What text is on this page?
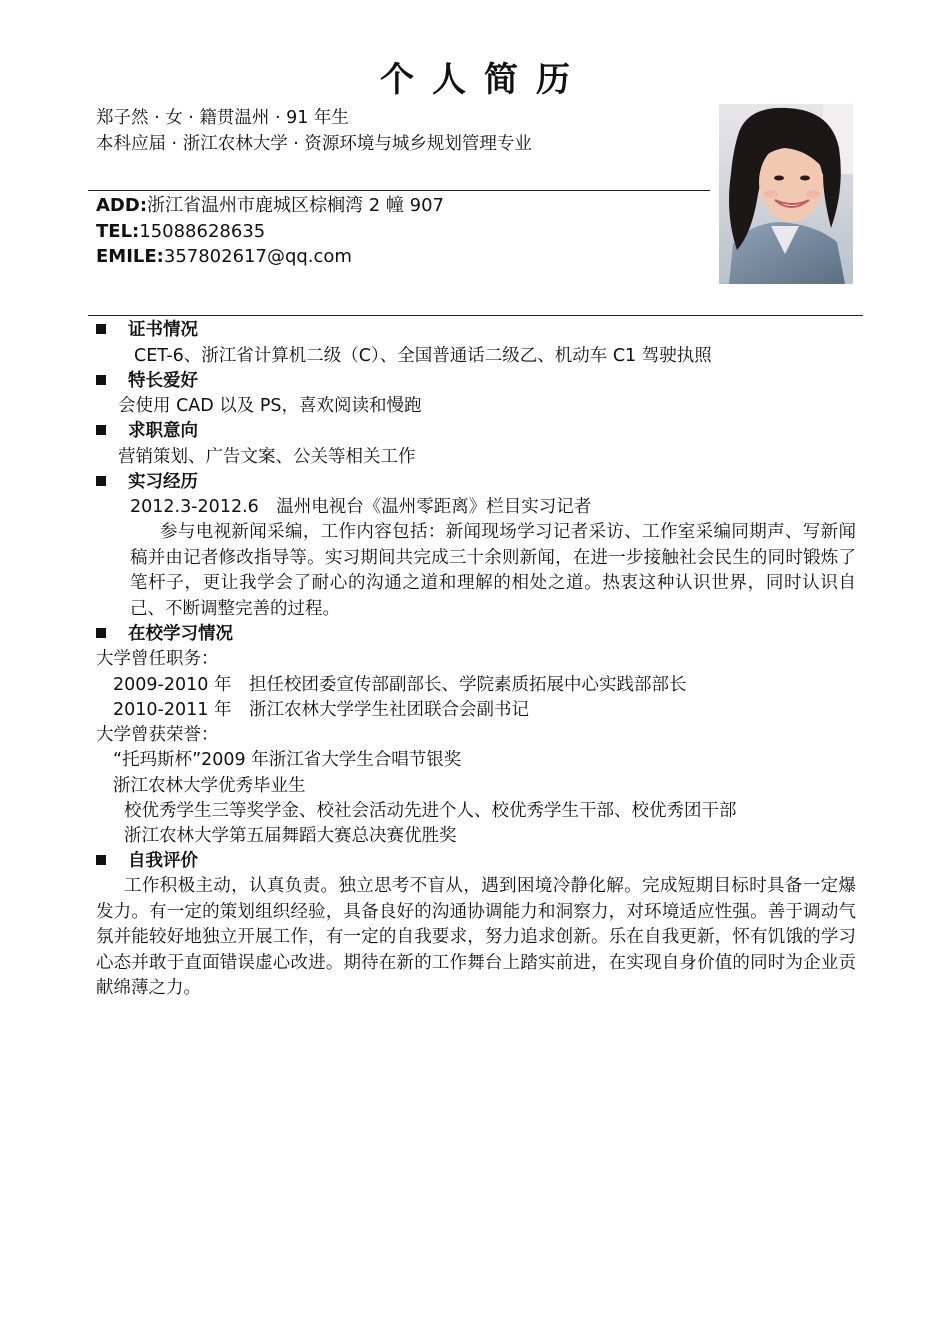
个人简历
郑子然 · 女 · 籍贯温州 · 91 年生
本科应届 · 浙江农林大学 · 资源环境与城乡规划管理专业
ADD:浙江省温州市鹿城区棕榈湾 2 幢 907
TEL:15088628635
EMILE:357802617@qq.com
证书情况
CET-6、浙江省计算机二级（C）、全国普通话二级乙、机动车 C1 驾驶执照
特长爱好
会使用 CAD 以及 PS，喜欢阅读和慢跑
求职意向
营销策划、广告文案、公关等相关工作
实习经历
2012.3-2012.6　温州电视台《温州零距离》栏目实习记者
参与电视新闻采编，工作内容包括：新闻现场学习记者采访、工作室采编同期声、写新闻稿并由记者修改指导等。实习期间共完成三十余则新闻，在进一步接触社会民生的同时锻炼了笔杆子，更让我学会了耐心的沟通之道和理解的相处之道。热衷这种认识世界，同时认识自己、不断调整完善的过程。
在校学习情况
大学曾任职务：
2009-2010 年　担任校团委宣传部副部长、学院素质拓展中心实践部部长
2010-2011 年　浙江农林大学学生社团联合会副书记
大学曾获荣誉：
“托玛斯杯”2009 年浙江省大学生合唱节银奖
浙江农林大学优秀毕业生
校优秀学生三等奖学金、校社会活动先进个人、校优秀学生干部、校优秀团干部
浙江农林大学第五届舞蹈大赛总决赛优胜奖
自我评价
工作积极主动，认真负责。独立思考不盲从，遇到困境冷静化解。完成短期目标时具备一定爆发力。有一定的策划组织经验，具备良好的沟通协调能力和洞察力，对环境适应性强。善于调动气氛并能较好地独立开展工作，有一定的自我要求，努力追求创新。乐在自我更新，怀有饥饿的学习心态并敢于直面错误虚心改进。期待在新的工作舞台上踏实前进，在实现自身价值的同时为企业贡献绵薄之力。
